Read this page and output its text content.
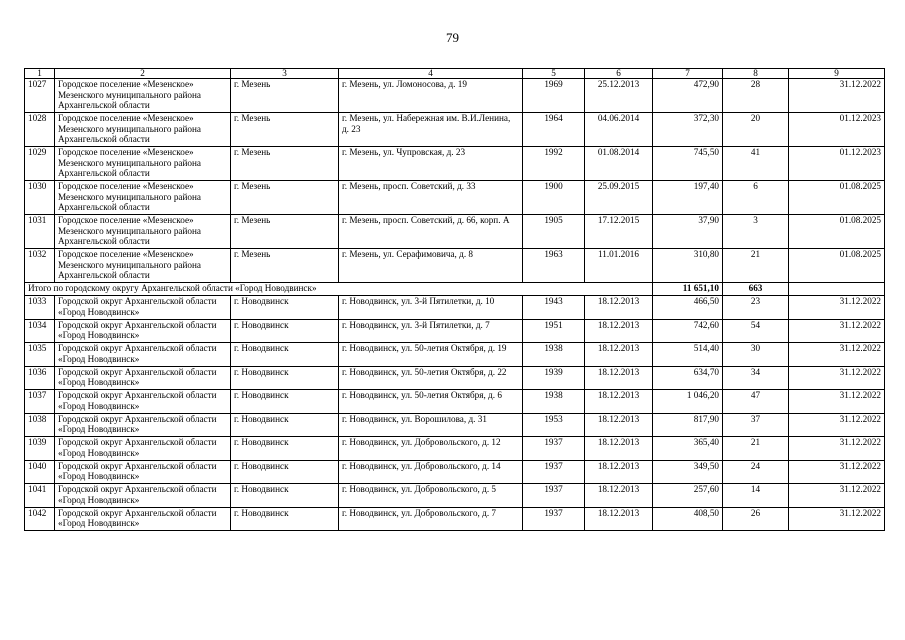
79
1	2	3	4	5	6	7	8	9
1027	Городское поселение «Мезенское» Мезенского муниципального района Архангельской области	г. Мезень	г. Мезень, ул. Ломоносова, д. 19	1969	25.12.2013	472,90	28	31.12.2022
1028	Городское поселение «Мезенское» Мезенского муниципального района Архангельской области	г. Мезень	г. Мезень, ул. Набережная им. В.И.Ленина, д. 23	1964	04.06.2014	372,30	20	01.12.2023
1029	Городское поселение «Мезенское» Мезенского муниципального района Архангельской области	г. Мезень	г. Мезень, ул. Чупровская, д. 23	1992	01.08.2014	745,50	41	01.12.2023
1030	Городское поселение «Мезенское» Мезенского муниципального района Архангельской области	г. Мезень	г. Мезень, просп. Советский, д. 33	1900	25.09.2015	197,40	6	01.08.2025
1031	Городское поселение «Мезенское» Мезенского муниципального района Архангельской области	г. Мезень	г. Мезень, просп. Советский, д. 66, корп. А	1905	17.12.2015	37,90	3	01.08.2025
1032	Городское поселение «Мезенское» Мезенского муниципального района Архангельской области	г. Мезень	г. Мезень, ул. Серафимовича, д. 8	1963	11.01.2016	310,80	21	01.08.2025
Итого по городскому округу Архангельской области «Город Новодвинск»						11 651,10	663	
1033	Городской округ Архангельской области «Город Новодвинск»	г. Новодвинск	г. Новодвинск, ул. 3-й Пятилетки, д. 10	1943	18.12.2013	466,50	23	31.12.2022
1034	Городской округ Архангельской области «Город Новодвинск»	г. Новодвинск	г. Новодвинск, ул. 3-й Пятилетки, д. 7	1951	18.12.2013	742,60	54	31.12.2022
1035	Городской округ Архангельской области «Город Новодвинск»	г. Новодвинск	г. Новодвинск, ул. 50-летия Октября, д. 19	1938	18.12.2013	514,40	30	31.12.2022
1036	Городской округ Архангельской области «Город Новодвинск»	г. Новодвинск	г. Новодвинск, ул. 50-летия Октября, д. 22	1939	18.12.2013	634,70	34	31.12.2022
1037	Городской округ Архангельской области «Город Новодвинск»	г. Новодвинск	г. Новодвинск, ул. 50-летия Октября, д. 6	1938	18.12.2013	1 046,20	47	31.12.2022
1038	Городской округ Архангельской области «Город Новодвинск»	г. Новодвинск	г. Новодвинск, ул. Ворошилова, д. 31	1953	18.12.2013	817,90	37	31.12.2022
1039	Городской округ Архангельской области «Город Новодвинск»	г. Новодвинск	г. Новодвинск, ул. Добровольского, д. 12	1937	18.12.2013	365,40	21	31.12.2022
1040	Городской округ Архангельской области «Город Новодвинск»	г. Новодвинск	г. Новодвинск, ул. Добровольского, д. 14	1937	18.12.2013	349,50	24	31.12.2022
1041	Городской округ Архангельской области «Город Новодвинск»	г. Новодвинск	г. Новодвинск, ул. Добровольского, д. 5	1937	18.12.2013	257,60	14	31.12.2022
1042	Городской округ Архангельской области «Город Новодвинск»	г. Новодвинск	г. Новодвинск, ул. Добровольского, д. 7	1937	18.12.2013	408,50	26	31.12.2022
